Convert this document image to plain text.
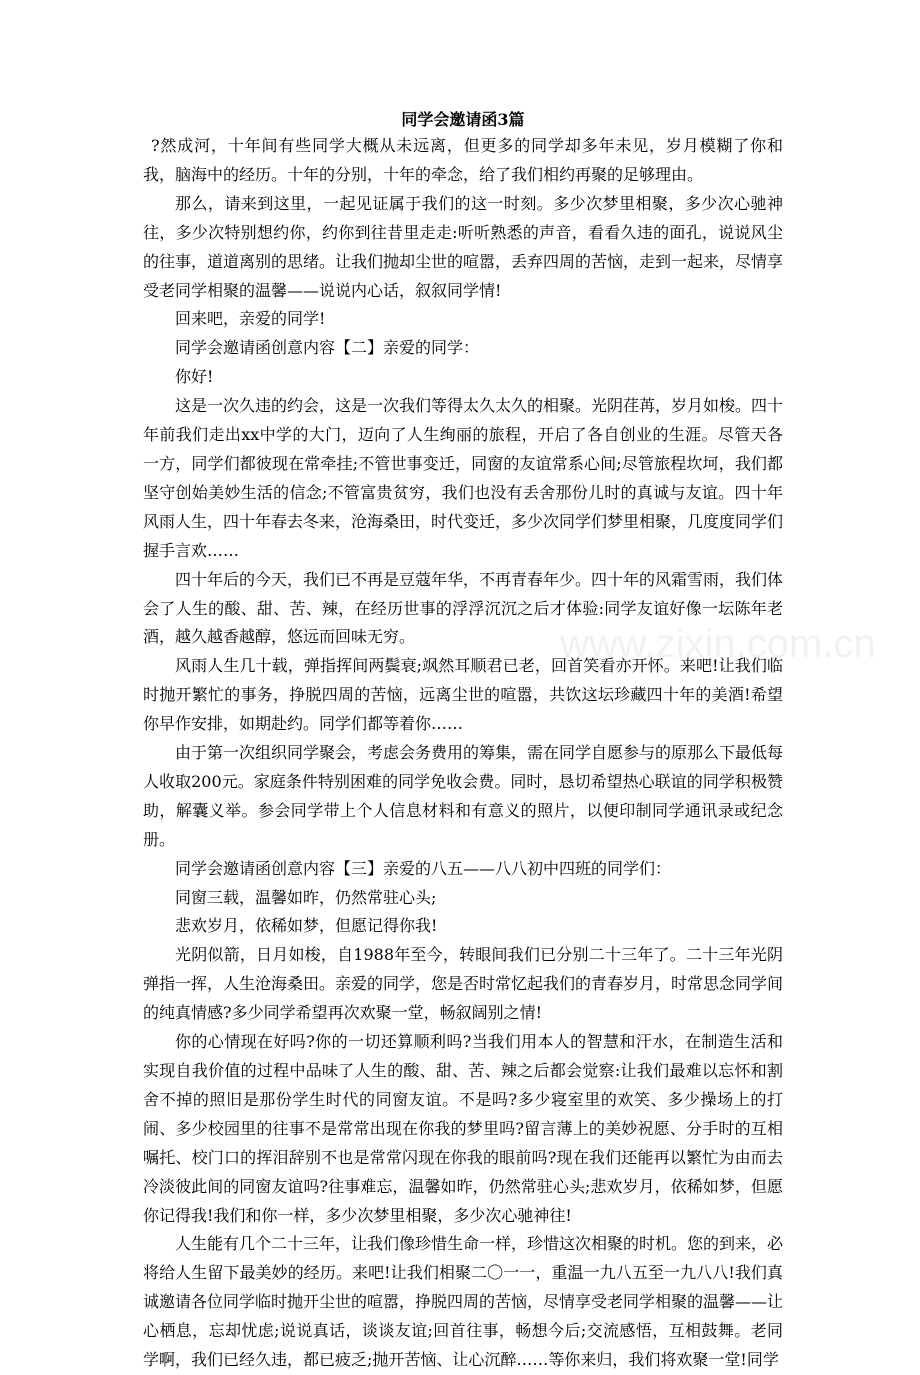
www.zixin.com.cn
同学会邀请函3篇

?然成河，十年间有些同学大概从未远离，但更多的同学却多年未见，岁月模糊了你和我，脑海中的经历。十年的分别，十年的牵念，给了我们相约再聚的足够理由。

那么，请来到这里，一起见证属于我们的这一时刻。多少次梦里相聚，多少次心驰神往，多少次特别想约你，约你到往昔里走走:听听熟悉的声音，看看久违的面孔，说说风尘的往事，道道离别的思绪。让我们抛却尘世的喧嚣，丢弃四周的苦恼，走到一起来，尽情享受老同学相聚的温馨——说说内心话，叙叙同学情!

回来吧，亲爱的同学!

同学会邀请函创意内容【二】亲爱的同学：

你好!

这是一次久违的约会，这是一次我们等得太久太久的相聚。光阴荏苒，岁月如梭。四十年前我们走出xx中学的大门，迈向了人生绚丽的旅程，开启了各自创业的生涯。尽管天各一方，同学们都彼现在常牵挂;不管世事变迁，同窗的友谊常系心间;尽管旅程坎坷，我们都坚守创始美妙生活的信念;不管富贵贫穷，我们也没有丢舍那份儿时的真诚与友谊。四十年风雨人生，四十年春去冬来，沧海桑田，时代变迁，多少次同学们梦里相聚，几度度同学们握手言欢……

四十年后的今天，我们已不再是豆蔻年华，不再青春年少。四十年的风霜雪雨，我们体会了人生的酸、甜、苦、辣，在经历世事的浮浮沉沉之后才体验:同学友谊好像一坛陈年老酒，越久越香越醇，悠远而回味无穷。

风雨人生几十载，弹指挥间两鬓衰;飒然耳顺君已老，回首笑看亦开怀。来吧!让我们临时抛开繁忙的事务，挣脱四周的苦恼，远离尘世的喧嚣，共饮这坛珍藏四十年的美酒!希望你早作安排，如期赴约。同学们都等着你……

由于第一次组织同学聚会，考虑会务费用的筹集，需在同学自愿参与的原那么下最低每人收取200元。家庭条件特别困难的同学免收会费。同时，恳切希望热心联谊的同学积极赞助，解囊义举。参会同学带上个人信息材料和有意义的照片，以便印制同学通讯录或纪念册。

同学会邀请函创意内容【三】亲爱的八五——八八初中四班的同学们：

同窗三载，温馨如昨，仍然常驻心头;

悲欢岁月，依稀如梦，但愿记得你我!

光阴似箭，日月如梭，自1988年至今，转眼间我们已分别二十三年了。二十三年光阴弹指一挥，人生沧海桑田。亲爱的同学，您是否时常忆起我们的青春岁月，时常思念同学间的纯真情感?多少同学希望再次欢聚一堂，畅叙阔别之情!

你的心情现在好吗?你的一切还算顺利吗?当我们用本人的智慧和汗水，在制造生活和实现自我价值的过程中品味了人生的酸、甜、苦、辣之后都会觉察:让我们最难以忘怀和割舍不掉的照旧是那份学生时代的同窗友谊。不是吗?多少寝室里的欢笑、多少操场上的打闹、多少校园里的往事不是常常出现在你我的梦里吗?留言薄上的美妙祝愿、分手时的互相嘱托、校门口的挥泪辞别不也是常常闪现在你我的眼前吗?现在我们还能再以繁忙为由而去冷淡彼此间的同窗友谊吗?往事难忘，温馨如昨，仍然常驻心头;悲欢岁月，依稀如梦，但愿你记得我!我们和你一样，多少次梦里相聚，多少次心驰神往!

人生能有几个二十三年，让我们像珍惜生命一样，珍惜这次相聚的时机。您的到来，必将给人生留下最美妙的经历。来吧!让我们相聚二〇一一，重温一九八五至一九八八!我们真诚邀请各位同学临时抛开尘世的喧嚣，挣脱四周的苦恼，尽情享受老同学相聚的温馨——让心栖息，忘却忧虑;说说真话，谈谈友谊;回首往事，畅想今后;交流感悟，互相鼓舞。老同学啊，我们已经久违，都已疲乏;抛开苦恼、让心沉醉……等你来归，我们将欢聚一堂!同学
